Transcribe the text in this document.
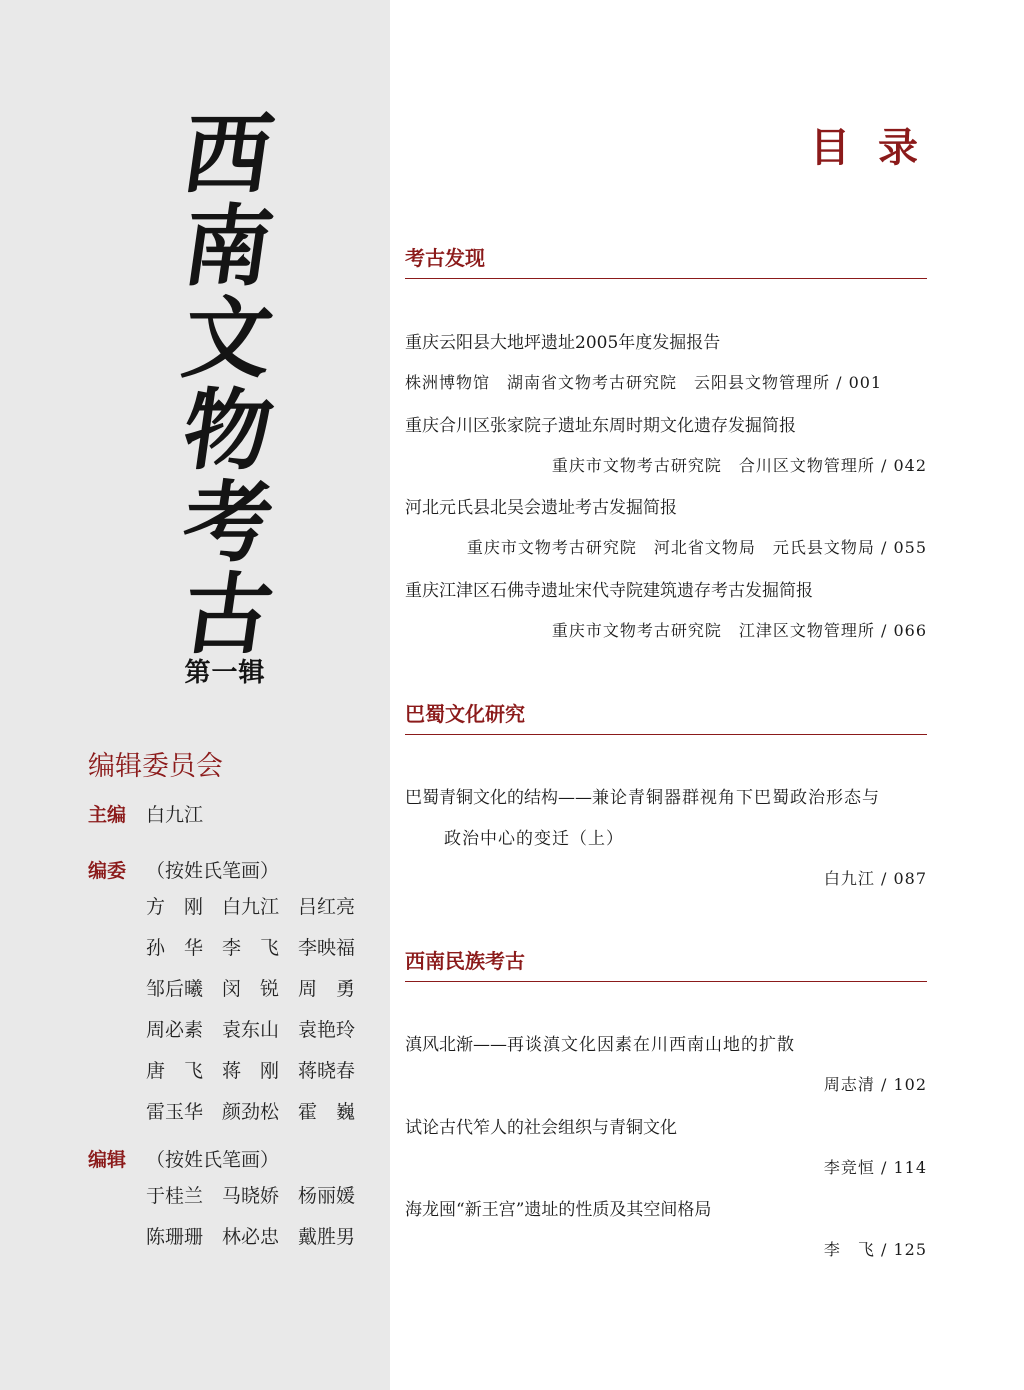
西
南
文
物
考
古
第一辑
编辑委员会
主编 白九江
编委 （按姓氏笔画）
方　刚 白九江 吕红亮
孙　华 李　飞 李映福
邹后曦 闵　锐 周　勇
周必素 袁东山 袁艳玲
唐　飞 蒋　刚 蒋晓春
雷玉华 颜劲松 霍　巍
编辑 （按姓氏笔画）
于桂兰 马晓娇 杨丽媛
陈珊珊 林必忠 戴胜男
目录
考古发现
重庆云阳县大地坪遗址2005年度发掘报告
株洲博物馆　湖南省文物考古研究院　云阳县文物管理所 / 001
重庆合川区张家院子遗址东周时期文化遗存发掘简报
重庆市文物考古研究院　合川区文物管理所 / 042
河北元氏县北吴会遗址考古发掘简报
重庆市文物考古研究院　河北省文物局　元氏县文物局 / 055
重庆江津区石佛寺遗址宋代寺院建筑遗存考古发掘简报
重庆市文物考古研究院　江津区文物管理所 / 066
巴蜀文化研究
巴蜀青铜文化的结构——兼论青铜器群视角下巴蜀政治形态与
政治中心的变迁（上）
白九江 / 087
西南民族考古
滇风北渐——再谈滇文化因素在川西南山地的扩散
周志清 / 102
试论古代笮人的社会组织与青铜文化
李竞恒 / 114
海龙囤“新王宫”遗址的性质及其空间格局
李　飞 / 125
